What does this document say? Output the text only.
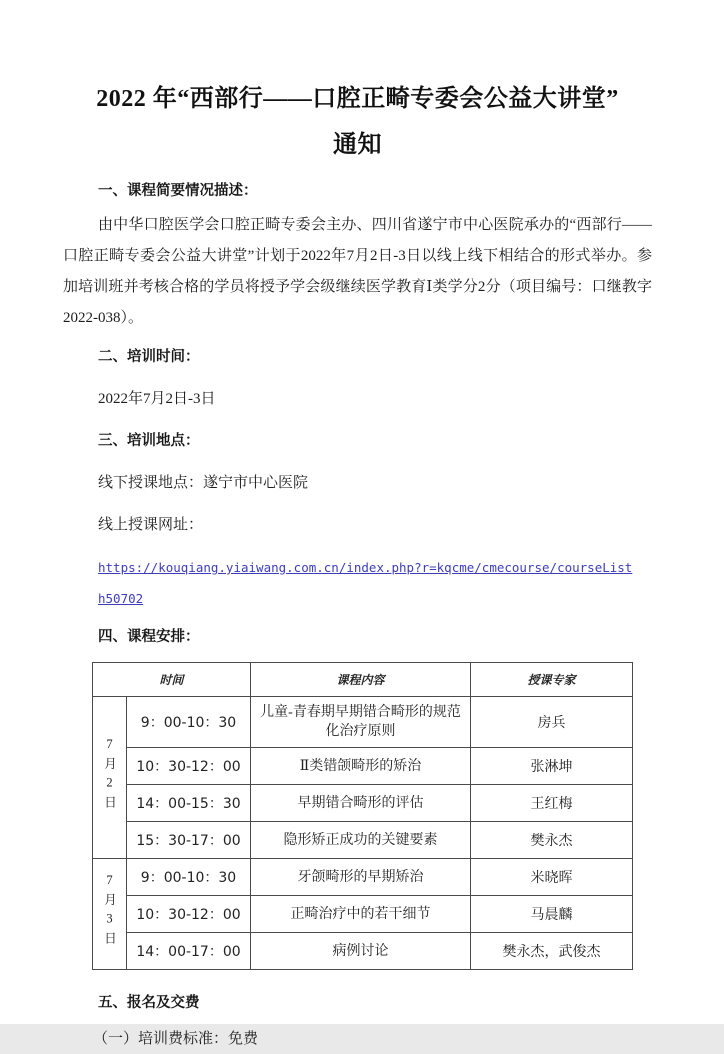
2022 年“西部行——口腔正畸专委会公益大讲堂”
通知
一、课程简要情况描述：

由中华口腔医学会口腔正畸专委会主办、四川省遂宁市中心医院承办的“西部行——口腔正畸专委会公益大讲堂”计划于2022年7月2日-3日以线上线下相结合的形式举办。参加培训班并考核合格的学员将授予学会级继续医学教育Ⅰ类学分2分（项目编号：口继教字2022-038）。

二、培训时间：
2022年7月2日-3日
三、培训地点：
线下授课地点：遂宁市中心医院
线上授课网址：
https://kouqiang.yiaiwang.com.cn/index.php?r=kqcme/cmecourse/courseListh50702
四、课程安排：
时间		课程内容	授课专家
7月2日	9：00-10：30	儿童-青春期早期错合畸形的规范化治疗原则	房兵
	10：30-12：00	Ⅱ类错颌畸形的矫治	张淋坤
	14：00-15：30	早期错合畸形的评估	王红梅
	15：30-17：00	隐形矫正成功的关键要素	樊永杰
7月3日	9：00-10：30	牙颌畸形的早期矫治	米晓晖
	10：30-12：00	正畸治疗中的若干细节	马晨麟
	14：00-17：00	病例讨论	樊永杰，武俊杰
五、报名及交费
（一）培训费标准：免费
